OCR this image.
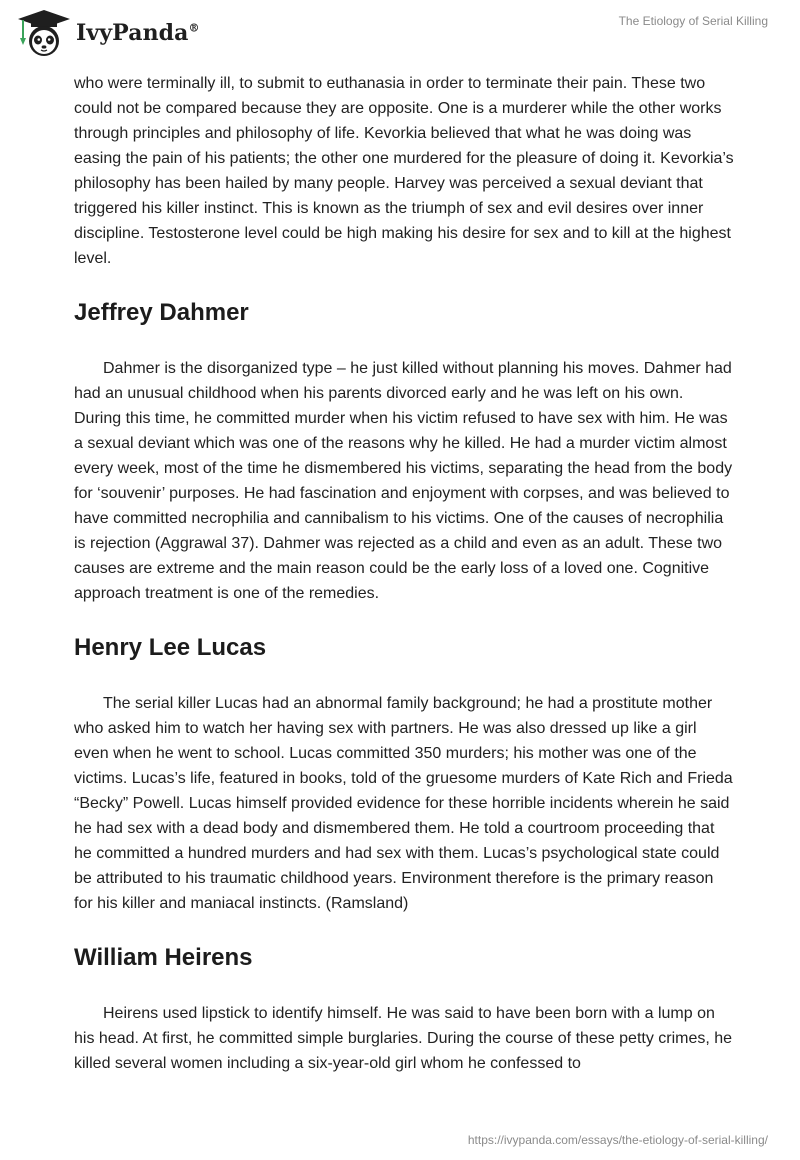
IvyPanda®
The Etiology of Serial Killing

who were terminally ill, to submit to euthanasia in order to terminate their pain. These two could not be compared because they are opposite. One is a murderer while the other works through principles and philosophy of life. Kevorkia believed that what he was doing was easing the pain of his patients; the other one murdered for the pleasure of doing it. Kevorkia’s philosophy has been hailed by many people. Harvey was perceived a sexual deviant that triggered his killer instinct. This is known as the triumph of sex and evil desires over inner discipline. Testosterone level could be high making his desire for sex and to kill at the highest level.

Jeffrey Dahmer

Dahmer is the disorganized type – he just killed without planning his moves. Dahmer had had an unusual childhood when his parents divorced early and he was left on his own. During this time, he committed murder when his victim refused to have sex with him. He was a sexual deviant which was one of the reasons why he killed. He had a murder victim almost every week, most of the time he dismembered his victims, separating the head from the body for ‘souvenir’ purposes. He had fascination and enjoyment with corpses, and was believed to have committed necrophilia and cannibalism to his victims. One of the causes of necrophilia is rejection (Aggrawal 37). Dahmer was rejected as a child and even as an adult. These two causes are extreme and the main reason could be the early loss of a loved one. Cognitive approach treatment is one of the remedies.

Henry Lee Lucas

The serial killer Lucas had an abnormal family background; he had a prostitute mother who asked him to watch her having sex with partners. He was also dressed up like a girl even when he went to school. Lucas committed 350 murders; his mother was one of the victims. Lucas’s life, featured in books, told of the gruesome murders of Kate Rich and Frieda “Becky” Powell. Lucas himself provided evidence for these horrible incidents wherein he said he had sex with a dead body and dismembered them. He told a courtroom proceeding that he committed a hundred murders and had sex with them. Lucas’s psychological state could be attributed to his traumatic childhood years. Environment therefore is the primary reason for his killer and maniacal instincts. (Ramsland)

William Heirens

Heirens used lipstick to identify himself. He was said to have been born with a lump on his head. At first, he committed simple burglaries. During the course of these petty crimes, he killed several women including a six-year-old girl whom he confessed to

https://ivypanda.com/essays/the-etiology-of-serial-killing/
